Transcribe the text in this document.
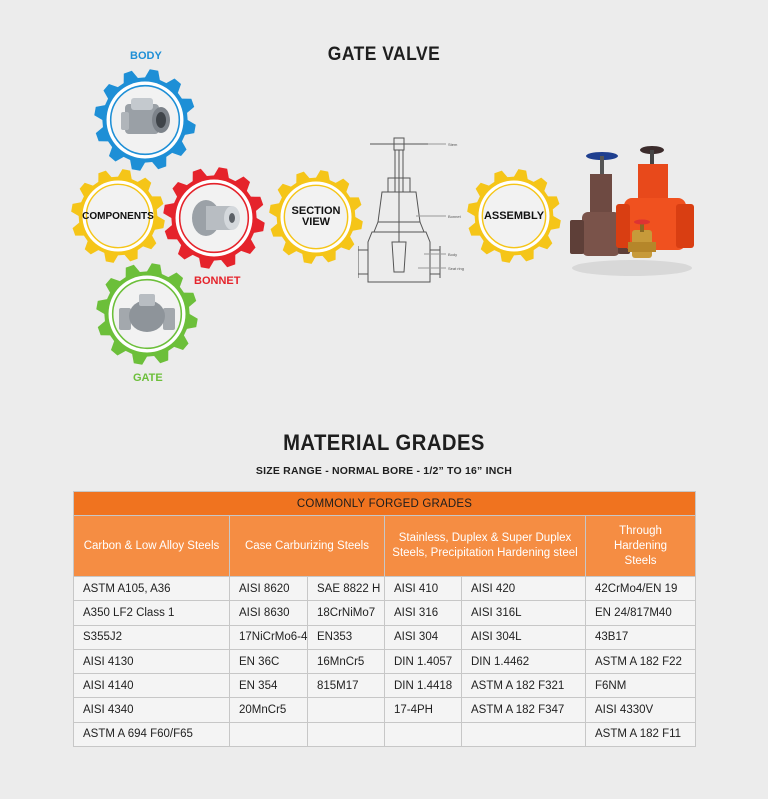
GATE VALVE
BODY
COMPONENTS
BONNET
GATE
SECTION
VIEW
Stem
Bonnet
Body
Seat ring
ASSEMBLY
MATERIAL GRADES
SIZE RANGE - NORMAL BORE - 1/2” TO 16” INCH
COMMONLY FORGED GRADES					
Carbon & Low Alloy Steels	Case Carburizing Steels		Stainless, Duplex & Super Duplex Steels, Precipitation Hardening steel		Through Hardening Steels
ASTM A105, A36	AISI 8620	SAE 8822 H	AISI 410	AISI 420	42CrMo4/EN 19
A350 LF2 Class 1	AISI 8630	18CrNiMo7	AISI 316	AISI 316L	EN 24/817M40
S355J2	17NiCrMo6-4	EN353	AISI 304	AISI 304L	43B17
AISI 4130	EN 36C	16MnCr5	DIN 1.4057	DIN 1.4462	ASTM A 182 F22
AISI 4140	EN 354	815M17	DIN 1.4418	ASTM A 182 F321	F6NM
AISI 4340	20MnCr5		17-4PH	ASTM A 182 F347	AISI 4330V
ASTM A 694 F60/F65					ASTM A 182 F11
